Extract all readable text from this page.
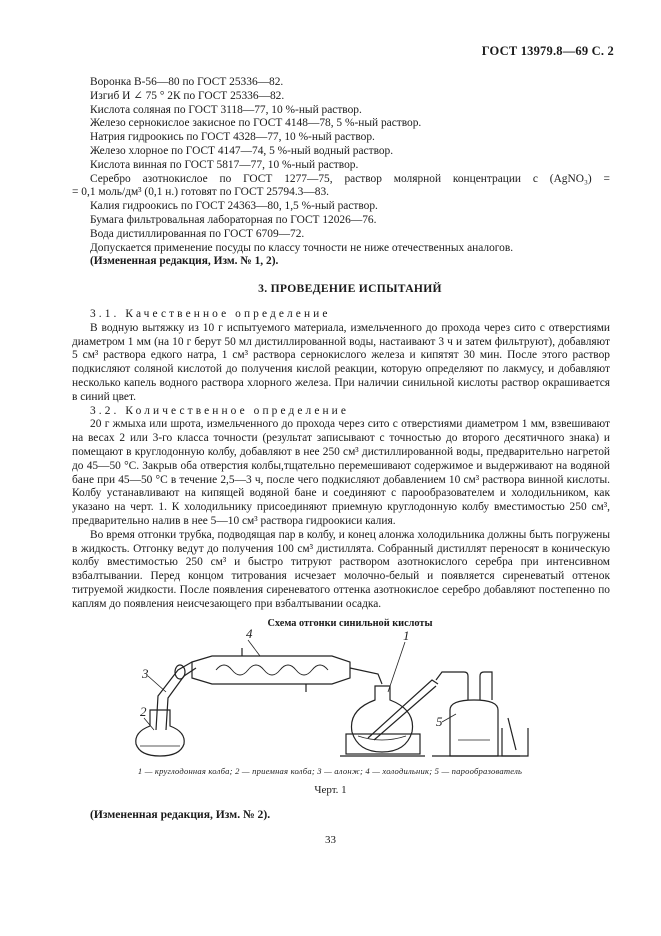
ГОСТ 13979.8—69 С. 2
Воронка В-56—80 по ГОСТ 25336—82.
Изгиб И ∠ 75 ° 2К по ГОСТ 25336—82.
Кислота соляная по ГОСТ 3118—77, 10 %-ный раствор.
Железо сернокислое закисное по ГОСТ 4148—78, 5 %-ный раствор.
Натрия гидроокись по ГОСТ 4328—77, 10 %-ный раствор.
Железо хлорное по ГОСТ 4147—74, 5 %-ный водный раствор.
Кислота винная по ГОСТ 5817—77, 10 %-ный раствор.

Серебро азотнокислое по ГОСТ 1277—75, раствор молярной концентрации c (AgNO₃) =

= 0,1 моль/дм³ (0,1 н.) готовят по ГОСТ 25794.3—83.

Калия гидроокись по ГОСТ 24363—80, 1,5 %-ный раствор.
Бумага фильтровальная лабораторная по ГОСТ 12026—76.
Вода дистиллированная по ГОСТ 6709—72.
Допускается применение посуды по классу точности не ниже отечественных аналогов.
(Измененная редакция, Изм. № 1, 2).
3. ПРОВЕДЕНИЕ ИСПЫТАНИЙ

3.1. Качественное определение

В водную вытяжку из 10 г испытуемого материала, измельченного до прохода через сито с отверстиями диаметром 1 мм (на 10 г берут 50 мл дистиллированной воды, настаивают 3 ч и затем фильтруют), добавляют 5 см³ раствора едкого натра, 1 см³ раствора сернокислого железа и кипятят 30 мин. После этого раствор подкисляют соляной кислотой до получения кислой реакции, которую определяют по лакмусу, и добавляют несколько капель водного раствора хлорного железа. При наличии синильной кислоты раствор окрашивается в синий цвет.

3.2. Количественное определение

20 г жмыха или шрота, измельченного до прохода через сито с отверстиями диаметром 1 мм, взвешивают на весах 2 или 3-го класса точности (результат записывают с точностью до второго десятичного знака) и помещают в круглодонную колбу, добавляют в нее 250 см³ дистиллированной воды, предварительно нагретой до 45—50 °С. Закрыв оба отверстия колбы,тщательно перемешивают содержимое и выдерживают на водяной бане при 45—50 °С в течение 2,5—3 ч, после чего подкисляют добавлением 10 см³ раствора винной кислоты. Колбу устанавливают на кипящей водяной бане и соединяют с парообразователем и холодильником, как указано на черт. 1. К холодильнику присоединяют приемную круглодонную колбу вместимостью 250 см³, предварительно налив в нее 5—10 см³ раствора гидроокиси калия.

Во время отгонки трубка, подводящая пар в колбу, и конец алонжа холодильника должны быть погружены в жидкость. Отгонку ведут до получения 100 см³ дистиллята. Собранный дистиллят переносят в коническую колбу вместимостью 250 см³ и быстро титруют раствором азотнокислого серебра при интенсивном взбалтывании. Перед концом титрования исчезает молочно-белый и появляется сиреневатый оттенок титруемой жидкости. После появления сиреневатого оттенка азотнокислое серебро добавляют постепенно по каплям до появления неисчезающего при взбалтывании осадка.

Схема отгонки синильной кислоты
1
2
3
4
5
1 — круглодонная колба; 2 — приемная колба; 3 — алонж; 4 — холодильник; 5 — парообразователь
Черт. 1
(Измененная редакция, Изм. № 2).
33
